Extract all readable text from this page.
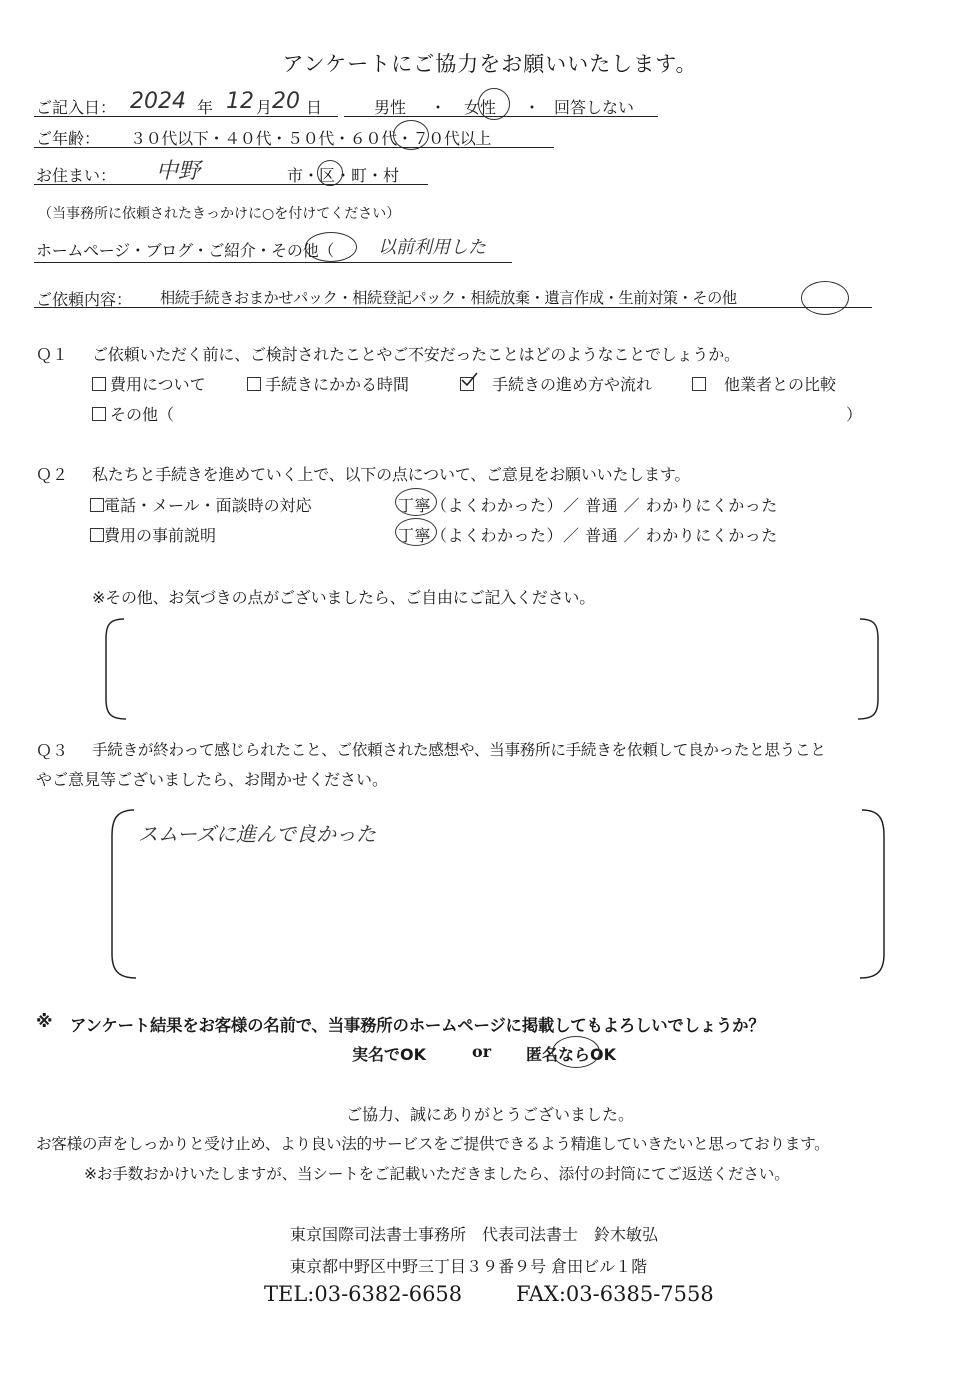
アンケートにご協力をお願いいたします。
ご記入日： 2024 年 12 月 20 日	男性 ・ 女性 ・ 回答しない
ご年齢： ３０代以下・４０代・５０代・６０代・７０代以上
お住まい： 中野	市・区・町・村
（当事務所に依頼されたきっかけに○を付けてください）
ホームページ・ブログ・ご紹介・その他（ 以前利用した
ご依頼内容： 相続手続きおまかせパック・相続登記パック・相続放棄・遺言作成・生前対策・その他
Ｑ１ ご依頼いただく前に、ご検討されたことやご不安だったことはどのようなことでしょうか。
費用について	手続きにかかる時間	手続きの進め方や流れ	他業者との比較
その他（	）
Ｑ２ 私たちと手続きを進めていく上で、以下の点について、ご意見をお願いいたします。
電話・メール・面談時の対応	丁寧（よくわかった）／ 普通 ／ わかりにくかった
費用の事前説明	丁寧（よくわかった）／ 普通 ／ わかりにくかった
※その他、お気づきの点がございましたら、ご自由にご記入ください。
Ｑ３ 手続きが終わって感じられたこと、ご依頼された感想や、当事務所に手続きを依頼して良かったと思うこと
やご意見等ございましたら、お聞かせください。
スムーズに進んで良かった
※ アンケート結果をお客様の名前で、当事務所のホームページに掲載してもよろしいでしょうか？
実名でOK	or 匿名ならOK
ご協力、誠にありがとうございました。
お客様の声をしっかりと受け止め、より良い法的サービスをご提供できるよう精進していきたいと思っております。
※お手数おかけいたしますが、当シートをご記載いただきましたら、添付の封筒にてご返送ください。
東京国際司法書士事務所　代表司法書士　鈴木敏弘
東京都中野区中野三丁目３９番９号 倉田ビル１階
TEL:03-6382-6658	FAX:03-6385-7558
